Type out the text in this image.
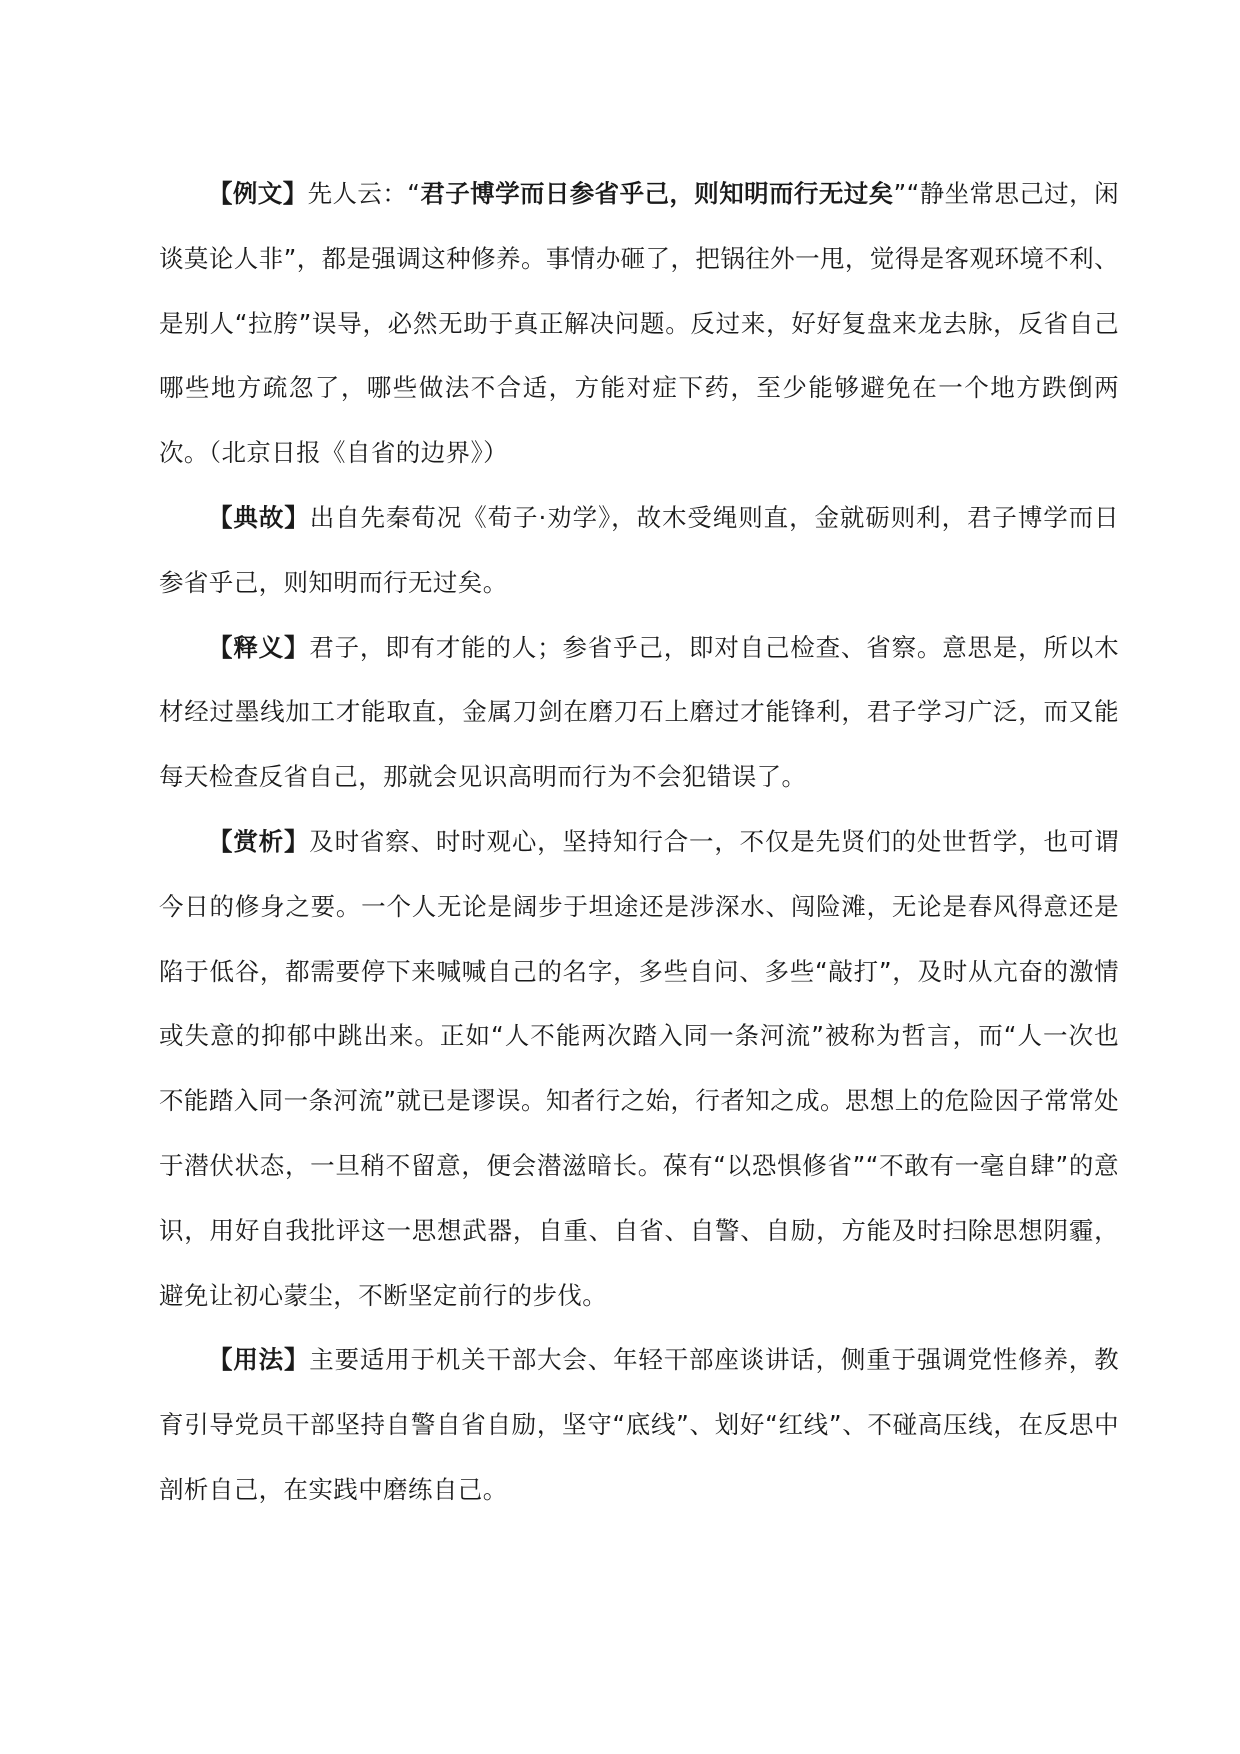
【例文】先人云：“君子博学而日参省乎己，则知明而行无过矣”“静坐常思己过，闲谈莫论人非”，都是强调这种修养。事情办砸了，把锅往外一甩，觉得是客观环境不利、是别人“拉胯”误导，必然无助于真正解决问题。反过来，好好复盘来龙去脉，反省自己哪些地方疏忽了，哪些做法不合适，方能对症下药，至少能够避免在一个地方跌倒两次。（北京日报《自省的边界》）

【典故】出自先秦荀况《荀子·劝学》，故木受绳则直，金就砺则利，君子博学而日参省乎己，则知明而行无过矣。

【释义】君子，即有才能的人；参省乎己，即对自己检查、省察。意思是，所以木材经过墨线加工才能取直，金属刀剑在磨刀石上磨过才能锋利，君子学习广泛，而又能每天检查反省自己，那就会见识高明而行为不会犯错误了。

【赏析】及时省察、时时观心，坚持知行合一，不仅是先贤们的处世哲学，也可谓今日的修身之要。一个人无论是阔步于坦途还是涉深水、闯险滩，无论是春风得意还是陷于低谷，都需要停下来喊喊自己的名字，多些自问、多些“敲打”，及时从亢奋的激情或失意的抑郁中跳出来。正如“人不能两次踏入同一条河流”被称为哲言，而“人一次也不能踏入同一条河流”就已是谬误。知者行之始，行者知之成。思想上的危险因子常常处于潜伏状态，一旦稍不留意，便会潜滋暗长。葆有“以恐惧修省”“不敢有一毫自肆”的意识，用好自我批评这一思想武器，自重、自省、自警、自励，方能及时扫除思想阴霾，避免让初心蒙尘，不断坚定前行的步伐。

【用法】主要适用于机关干部大会、年轻干部座谈讲话，侧重于强调党性修养，教育引导党员干部坚持自警自省自励，坚守“底线”、划好“红线”、不碰高压线，在反思中剖析自己，在实践中磨练自己。
